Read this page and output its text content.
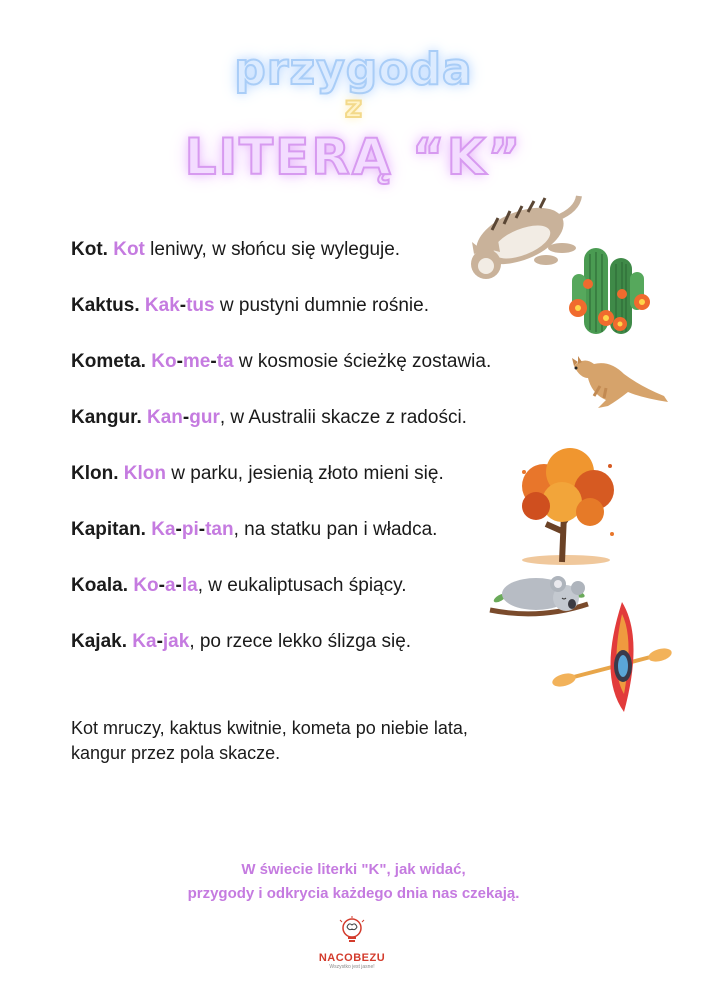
przygoda
z
LITERĄ “K”
Kot. Kot leniwy, w słońcu się wyleguje.
Kaktus. Kak-tus w pustyni dumnie rośnie.
Kometa. Ko-me-ta w kosmosie ścieżkę zostawia.
Kangur. Kan-gur, w Australii skacze z radości.
Klon. Klon w parku, jesienią złoto mieni się.
Kapitan. Ka-pi-tan, na statku pan i władca.
Koala. Ko-a-la, w eukaliptusach śpiący.
Kajak. Ka-jak, po rzece lekko ślizga się.
Kot mruczy, kaktus kwitnie, kometa po niebie lata,
kangur przez pola skacze.
W świecie literki "K", jak widać,
przygody i odkrycia każdego dnia nas czekają.
NACOBEZU
Wszystko jest jasne!
